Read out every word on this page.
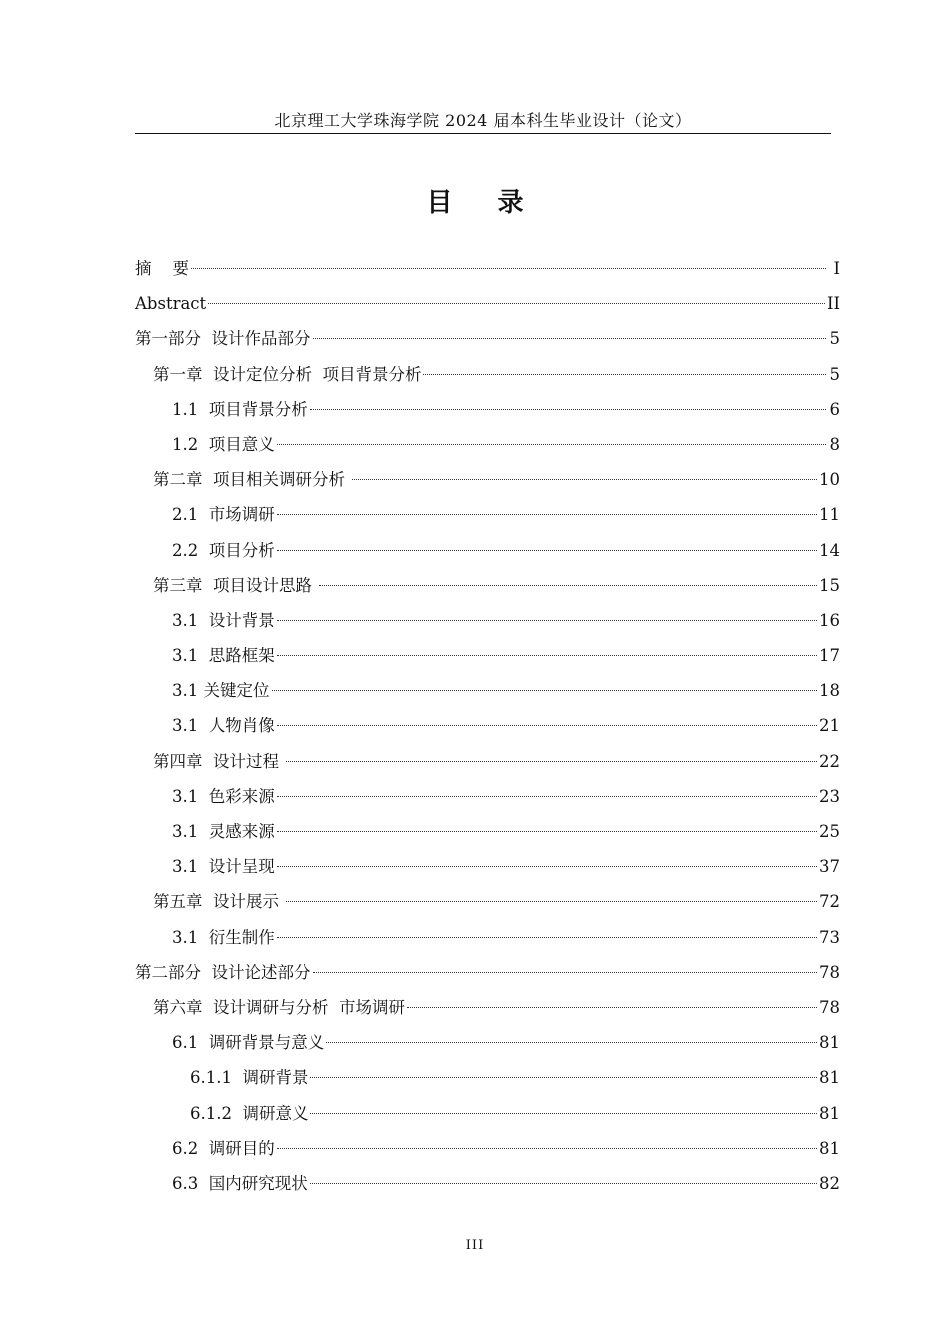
北京理工大学珠海学院 2024 届本科生毕业设计（论文）
目 录
摘    要	I
Abstract	II
第一部分  设计作品部分	5
第一章  设计定位分析  项目背景分析	5
1.1  项目背景分析	6
1.2  项目意义	8
第二章  项目相关调研分析	10
2.1  市场调研	11
2.2  项目分析	14
第三章  项目设计思路	15
3.1  设计背景	16
3.1  思路框架	17
3.1 关键定位	18
3.1  人物肖像	21
第四章  设计过程	22
3.1  色彩来源	23
3.1  灵感来源	25
3.1  设计呈现	37
第五章  设计展示	72
3.1  衍生制作	73
第二部分  设计论述部分	78
第六章  设计调研与分析  市场调研	78
6.1  调研背景与意义	81
6.1.1  调研背景	81
6.1.2  调研意义	81
6.2  调研目的	81
6.3  国内研究现状	82
III
